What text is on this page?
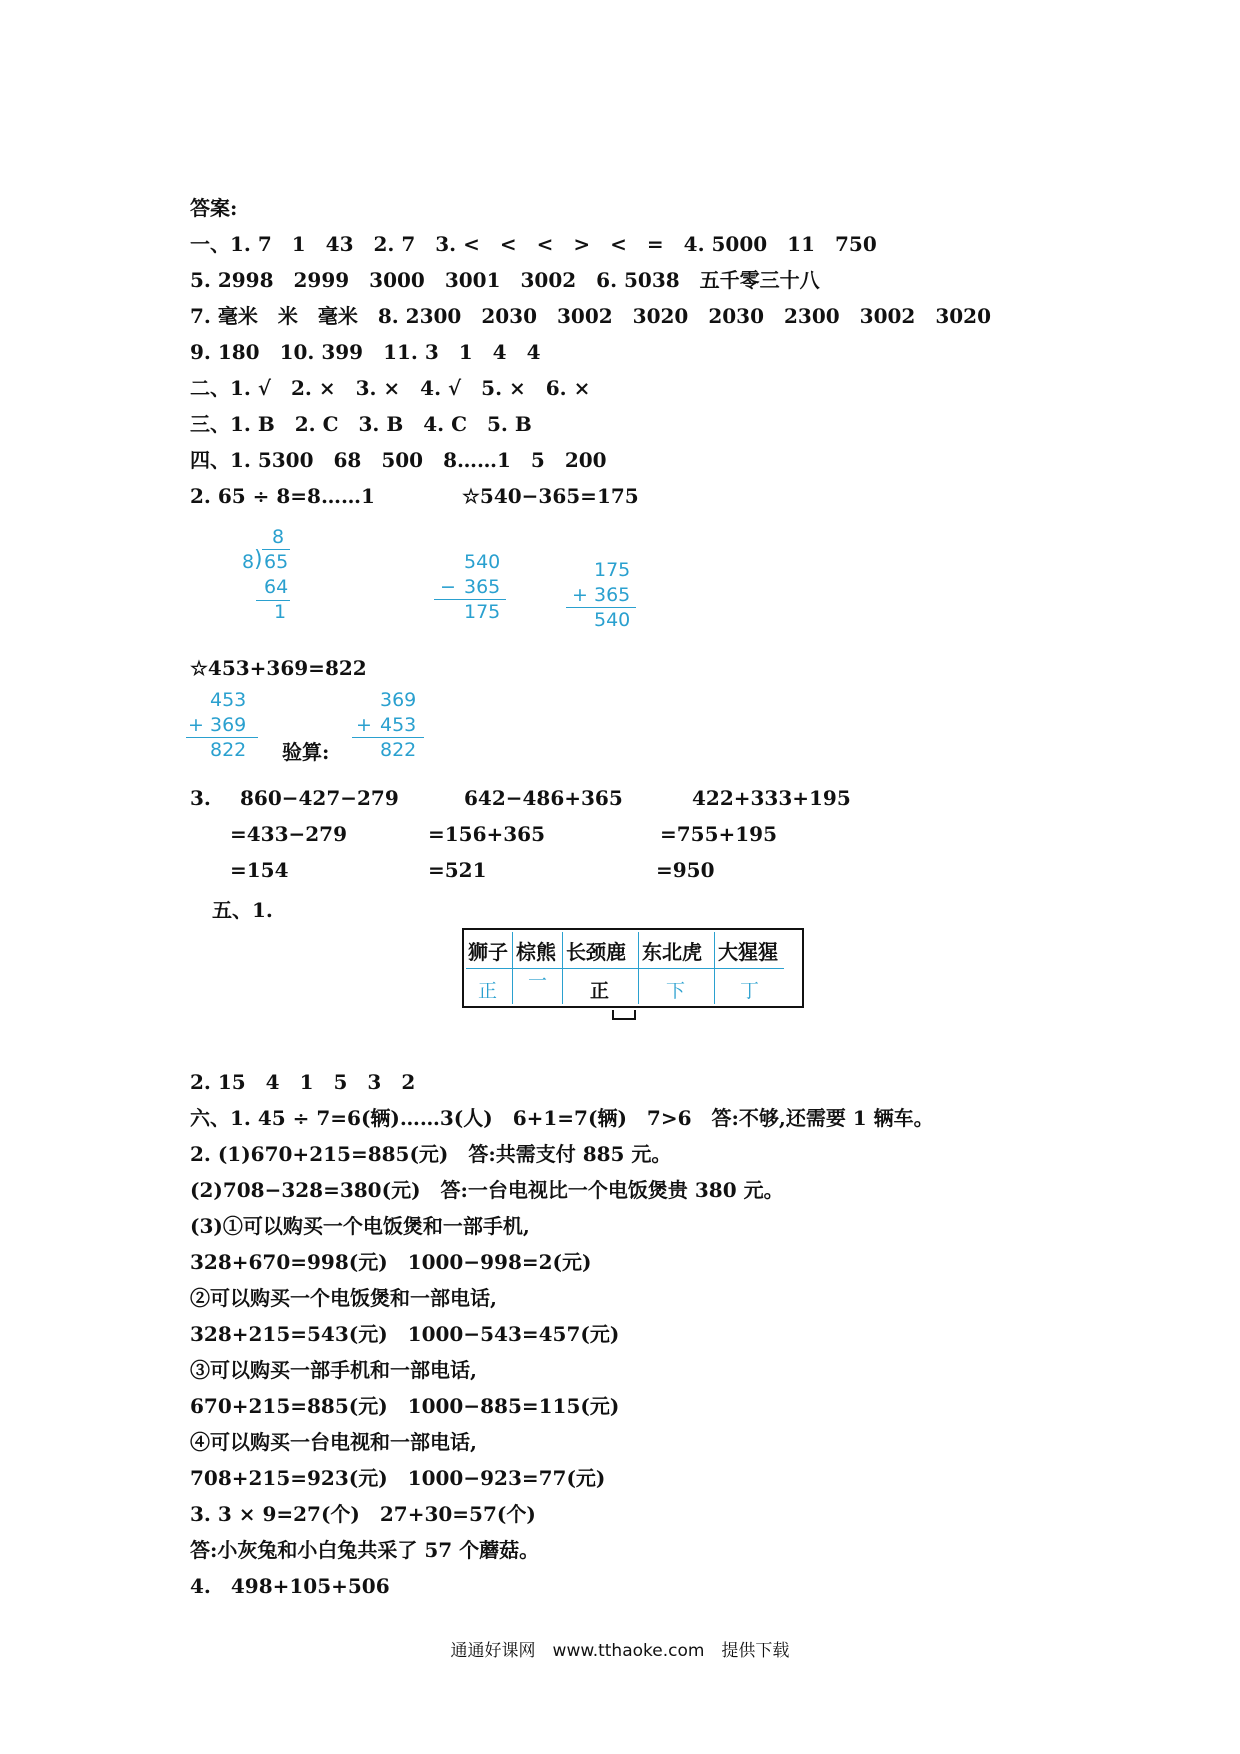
答案:
一、1. 7　1　43　2. 7　3. <　<　<　>　<　=　4. 5000　11　750
5. 2998　2999　3000　3001　3002　6. 5038　五千零三十八
7. 毫米　米　毫米　8. 2300　2030　3002　3020　2030　2300　3002　3020
9. 180　10. 399　11. 3　1　4　4
二、1. √　2. ×　3. ×　4. √　5. ×　6. ×
三、1. B　2. C　3. B　4. C　5. B
四、1. 5300　68　500　8……1　5　200
2. 65 ÷ 8=8……1	☆540−365=175
8
8 ) 65
64
1
540
− 365
175
175
+ 365
540
☆453+369=822
453
+ 369
822 验算:
369
+ 453
822
3. 860−427−279
=433−279
=154
642−486+365
=156+365
=521
422+333+195
=755+195
=950
五、1.
狮子 棕熊 长颈鹿 东北虎 大猩猩
正 一 正	下	丁
2. 15　4　1　5　3　2
六、1. 45 ÷ 7=6(辆)……3(人)　6+1=7(辆)　7>6　答:不够,还需要 1 辆车。
2. (1)670+215=885(元)　答:共需支付 885 元。
(2)708−328=380(元)　答:一台电视比一个电饭煲贵 380 元。
(3)①可以购买一个电饭煲和一部手机,
328+670=998(元)　1000−998=2(元)
②可以购买一个电饭煲和一部电话,
328+215=543(元)　1000−543=457(元)
③可以购买一部手机和一部电话,
670+215=885(元)　1000−885=115(元)
④可以购买一台电视和一部电话,
708+215=923(元)　1000−923=77(元)
3. 3 × 9=27(个)　27+30=57(个)
答:小灰兔和小白兔共采了 57 个蘑菇。
4.　498+105+506
通通好课网　www.tthaoke.com　提供下载
